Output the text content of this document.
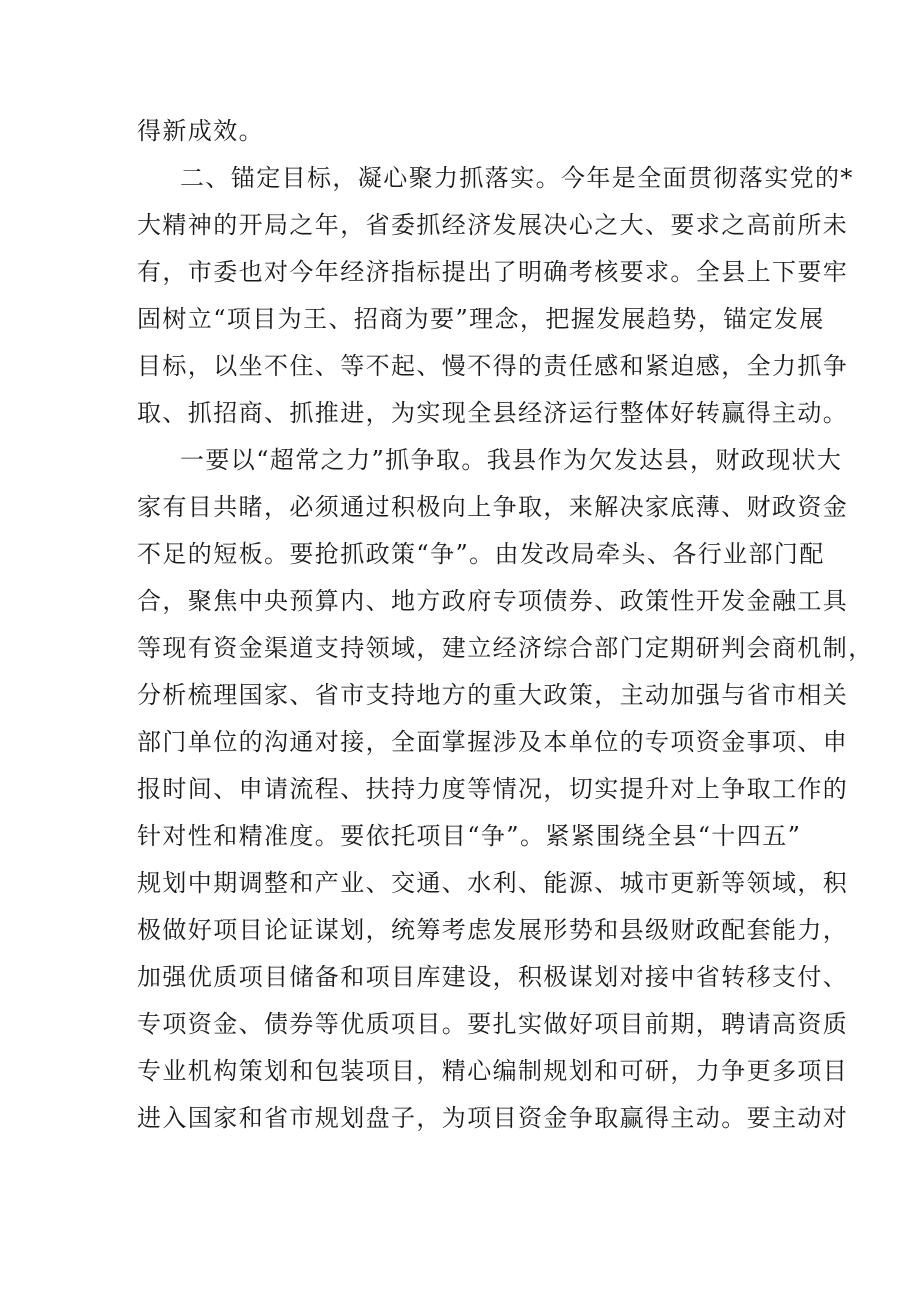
得新成效。
二、锚定目标，凝心聚力抓落实。今年是全面贯彻落实党的*
大精神的开局之年，省委抓经济发展决心之大、要求之高前所未
有，市委也对今年经济指标提出了明确考核要求。全县上下要牢
固树立“项目为王、招商为要”理念，把握发展趋势，锚定发展
目标，以坐不住、等不起、慢不得的责任感和紧迫感，全力抓争
取、抓招商、抓推进，为实现全县经济运行整体好转赢得主动。
一要以“超常之力”抓争取。我县作为欠发达县，财政现状大
家有目共睹，必须通过积极向上争取，来解决家底薄、财政资金
不足的短板。要抢抓政策“争”。由发改局牵头、各行业部门配
合，聚焦中央预算内、地方政府专项债券、政策性开发金融工具
等现有资金渠道支持领域，建立经济综合部门定期研判会商机制，
分析梳理国家、省市支持地方的重大政策，主动加强与省市相关
部门单位的沟通对接，全面掌握涉及本单位的专项资金事项、申
报时间、申请流程、扶持力度等情况，切实提升对上争取工作的
针对性和精准度。要依托项目“争”。紧紧围绕全县“十四五”
规划中期调整和产业、交通、水利、能源、城市更新等领域，积
极做好项目论证谋划，统筹考虑发展形势和县级财政配套能力，
加强优质项目储备和项目库建设，积极谋划对接中省转移支付、
专项资金、债券等优质项目。要扎实做好项目前期，聘请高资质
专业机构策划和包装项目，精心编制规划和可研，力争更多项目
进入国家和省市规划盘子，为项目资金争取赢得主动。要主动对
